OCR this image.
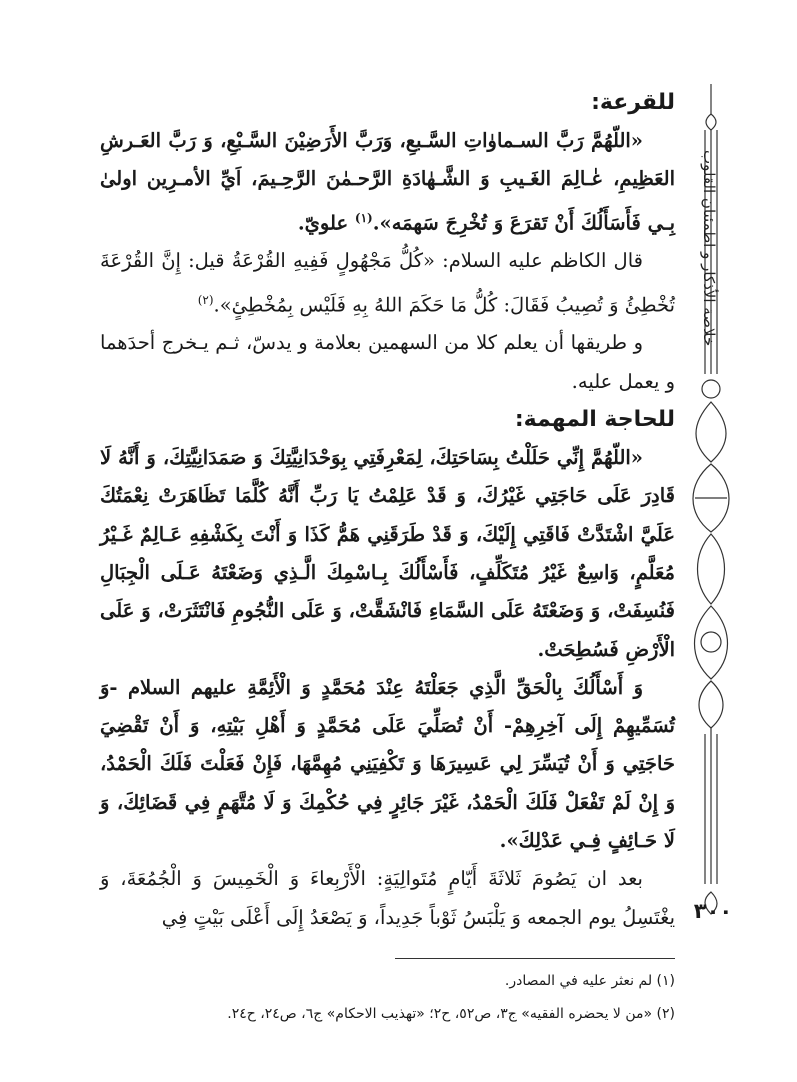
خلاصة الأذكار و اطمئنان القلوب
٣٠٠
للقرعة:

«اللّهُمَّ رَبَّ السـماوٰاتِ السَّـبعِ، وَرَبَّ الأَرَضِيْنَ السَّـبْعِ، وَ رَبَّ العَـرشِ العَظِيمِ، عٰـالِمَ الغَـيبِ وَ الشَّـهٰادَةِ الرَّحـمٰنَ الرَّحِـيمَ، اَيِّ الأمـرِين اولىٰ بِـي فَأَسَأَلُكَ أَنْ تَقرَعَ وَ تُخْرِجَ سَهمَه».$^{(١)}$ علويّ.

قال الكاظم عليه السلام: «كُلُّ مَجْهُولٍ فَفِيهِ القُرْعَةُ قيل: إِنَّ القُرْعَةَ تُخْطِئُ وَ تُصِيبُ فَقَالَ: كُلُّ مَا حَكَمَ اللهُ بِهِ فَلَيْس بِمُخْطِئٍ».$^{(٢)}$

و طريقها أن يعلم كلا من السهمين بعلامة و يدسّ، ثـم يـخرج أحدَهما و يعمل عليه.

للحاجة المهمة:

«اللّهُمَّ إِنِّي حَلَلْتُ بِسَاحَتِكَ، لِمَعْرِفَتِي بِوَحْدَانِيَّتِكَ وَ صَمَدَانِيَّتِكَ، وَ أَنَّهُ لَا قَادِرَ عَلَى حَاجَتِي غَيْرُكَ، وَ قَدْ عَلِمْتُ يَا رَبِّ أَنَّهُ كُلَّمَا تَظَاهَرَتْ نِعْمَتُكَ عَلَيَّ اشْتَدَّتْ فَاقَتِي إِلَيْكَ، وَ قَدْ طَرَقَنِي هَمُّ كَذَا وَ أَنْتَ بِكَشْفِهِ عَـالِمٌ غَـيْرُ مُعَلَّمٍ، وَاسِعٌ غَيْرُ مُتَكَلِّفٍ، فَأَسْأَلُكَ بِـاسْمِكَ الَّـذِي وَضَعْتَهُ عَـلَى الْجِبَالِ فَنُسِفَتْ، وَ وَضَعْتَهُ عَلَى السَّمَاءِ فَانْشَقَّتْ، وَ عَلَى النُّجُومِ فَانْتَثَرَتْ، وَ عَلَى الْأَرْضِ فَسُطِحَتْ.

وَ أَسْأَلُكَ بِالْحَقِّ الَّذِي جَعَلْتَهُ عِنْدَ مُحَمَّدٍ وَ الْأَئِمَّةِ عليهم السلام -وَ تُسَمِّيهِمْ إِلَى آخِرِهِمْ- أَنْ تُصَلِّيَ عَلَى مُحَمَّدٍ وَ أَهْلِ بَيْتِهِ، وَ أَنْ تَقْضِيَ حَاجَتِي وَ أَنْ تُيَسِّرَ لِي عَسِيرَهَا وَ تَكْفِيَنِي مُهِمَّهَا، فَإِنْ فَعَلْتَ فَلَكَ الْحَمْدُ، وَ إِنْ لَمْ تَفْعَلْ فَلَكَ الْحَمْدُ، غَيْرَ جَائِرٍ فِي حُكْمِكَ وَ لَا مُتَّهَمٍ فِي قَضَائِكَ، وَ لَا حَـائِفٍ فِـي عَدْلِكَ».

بعد ان يَصُومَ ثَلاثَةَ أَيّامٍ مُتَوالِيَةٍ: الْأَرْبِعاءَ وَ الْخَمِيسَ وَ الْجُمُعَةَ، وَ يغْتَسِلُ يوم الجمعه وَ يَلْبَسُ ثَوْباً جَدِيداً، وَ يَصْعَدُ إِلَى أَعْلَى بَيْتٍ فِي

(١) لم نعثر عليه في المصادر.
(٢) «من لا يحضره الفقيه» ج٣، ص٥٢، ح٢؛ «تهذيب الاحكام» ج٦، ص٢٤، ح٢٤.
